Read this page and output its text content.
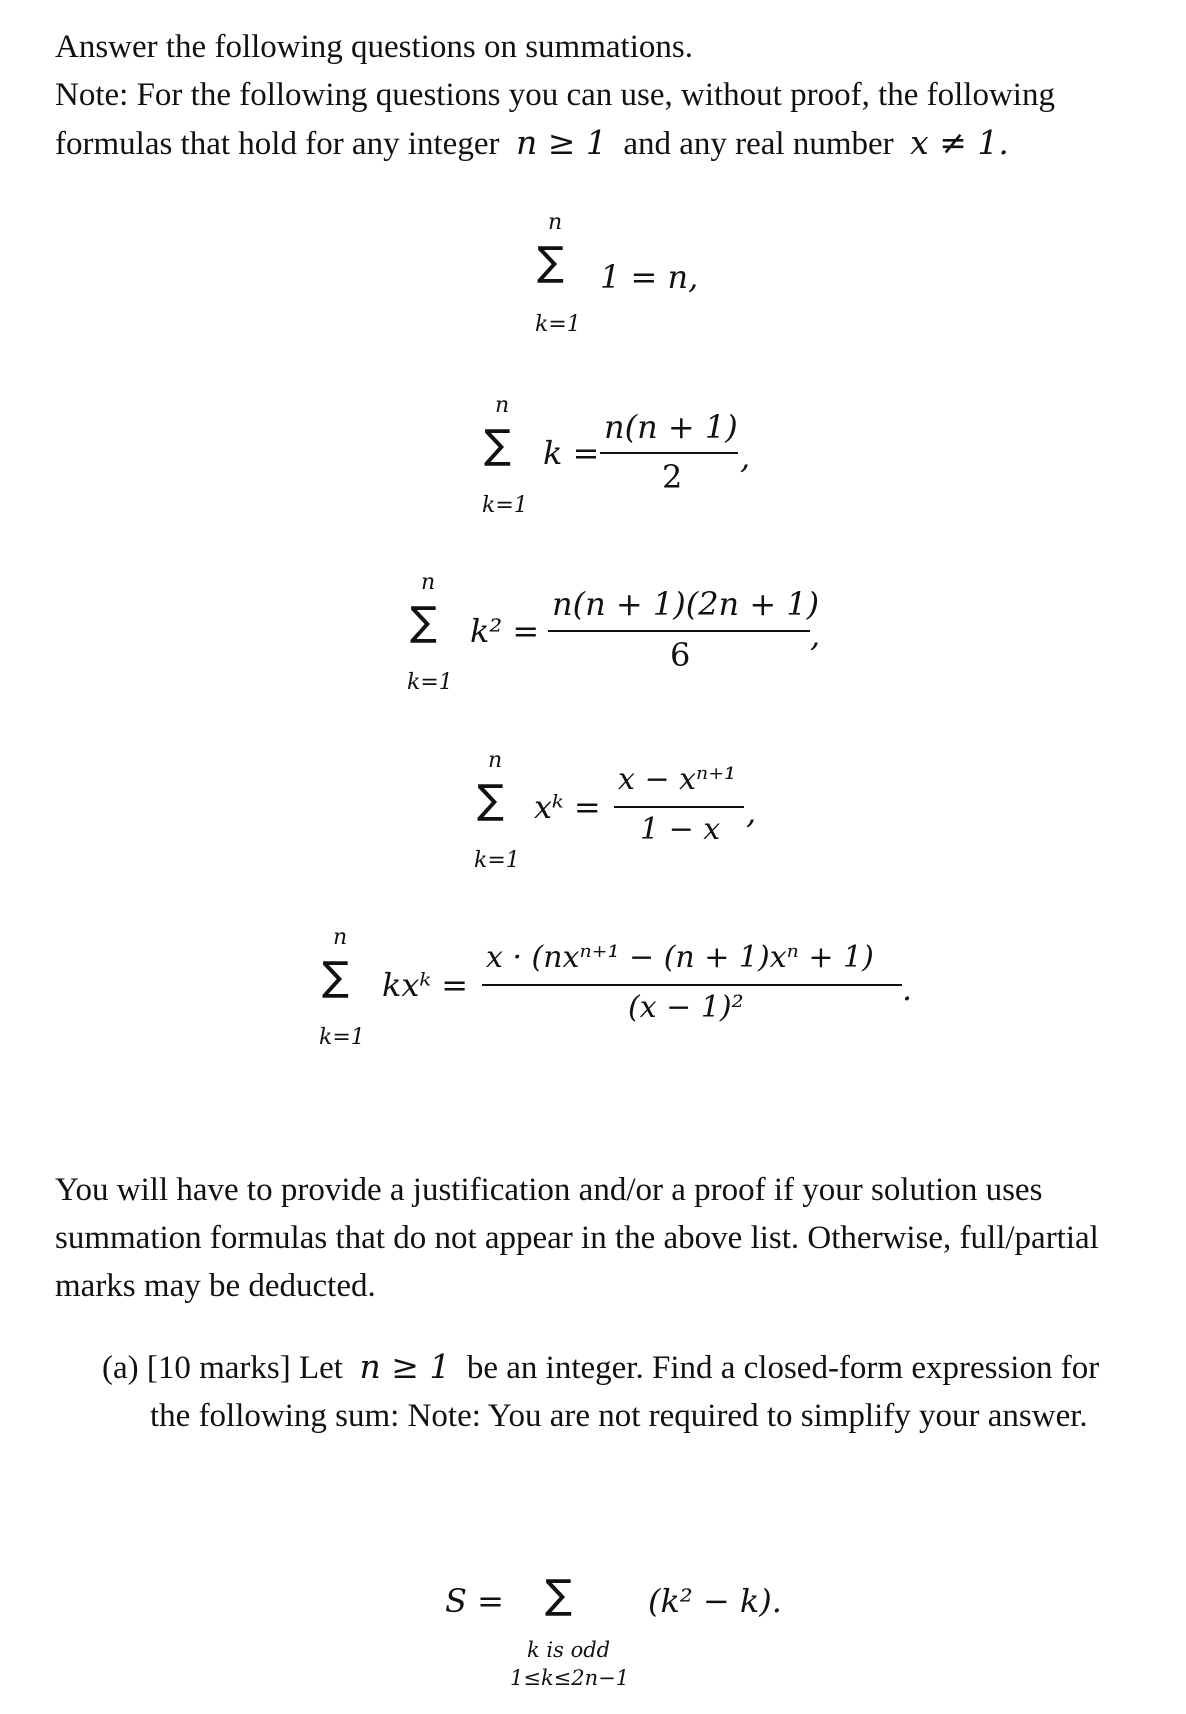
Answer the following questions on summations.
Note: For the following questions you can use, without proof, the following
formulas that hold for any integer n ≥ 1 and any real number x ≠ 1.
n
∑
k=1
1 = n,
n
∑
k=1
k =
n(n + 1)
2
,
n
∑
k=1
k² =
n(n + 1)(2n + 1)
6
,
n
∑
k=1
xᵏ =
x − xⁿ⁺¹
1 − x ,
n
∑
k=1
kxᵏ =
x · (nxⁿ⁺¹ − (n + 1)xⁿ + 1)
(x − 1)²	.
You will have to provide a justification and/or a proof if your solution uses
summation formulas that do not appear in the above list. Otherwise, full/partial
marks may be deducted.
(a) [10 marks] Let n ≥ 1 be an integer. Find a closed-form expression for
the following sum: Note: You are not required to simplify your answer.
S = ∑
k is odd
1≤k≤2n−1
(k² − k).
